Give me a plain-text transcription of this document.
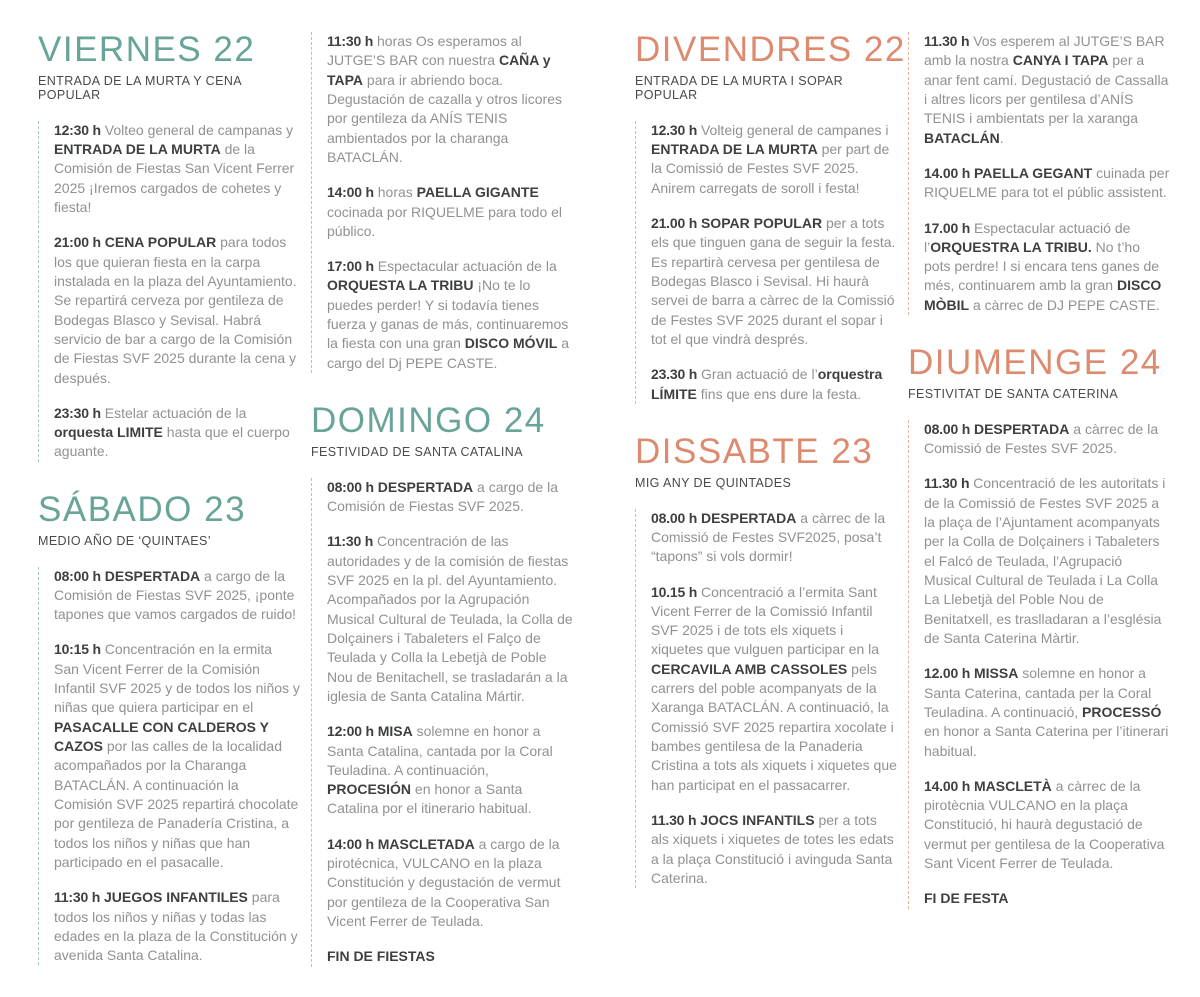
VIERNES 22
ENTRADA DE LA MURTA Y CENA POPULAR

12:30 h Volteo general de campanas y ENTRADA DE LA MURTA de la Comisión de Fiestas San Vicent Ferrer 2025 ¡Iremos cargados de cohetes y fiesta!

21:00 h CENA POPULAR para todos los que quieran fiesta en la carpa instalada en la plaza del Ayuntamiento. Se repartirá cerveza por gentileza de Bodegas Blasco y Sevisal. Habrá servicio de bar a cargo de la Comisión de Fiestas SVF 2025 durante la cena y después.

23:30 h Estelar actuación de la orquesta LIMITE hasta que el cuerpo aguante.

SÁBADO 23
MEDIO AÑO DE ‘QUINTAES’

08:00 h DESPERTADA a cargo de la Comisión de Fiestas SVF 2025, ¡ponte tapones que vamos cargados de ruido!

10:15 h Concentración en la ermita San Vicent Ferrer de la Comisión Infantil SVF 2025 y de todos los niños y niñas que quiera participar en el PASACALLE CON CALDEROS Y CAZOS por las calles de la localidad acompañados por la Charanga BATACLÁN. A continuación la Comisión SVF 2025 repartirá chocolate por gentileza de Panadería Cristina, a todos los niños y niñas que han participado en el pasacalle.

11:30 h JUEGOS INFANTILES para todos los niños y niñas y todas las edades en la plaza de la Constitución y avenida Santa Catalina.

11:30 h horas Os esperamos al JUTGE’S BAR con nuestra CAÑA y TAPA para ir abriendo boca. Degustación de cazalla y otros licores por gentileza da ANÍS TENIS ambientados por la charanga BATACLÁN.

14:00 h horas PAELLA GIGANTE cocinada por RIQUELME para todo el público.

17:00 h Espectacular actuación de la ORQUESTA LA TRIBU ¡No te lo puedes perder! Y si todavía tienes fuerza y ganas de más, continuaremos la fiesta con una gran DISCO MÓVIL a cargo del Dj PEPE CASTE.

DOMINGO 24
FESTIVIDAD DE SANTA CATALINA

08:00 h DESPERTADA a cargo de la Comisión de Fiestas SVF 2025.

11:30 h Concentración de las autoridades y de la comisión de fiestas SVF 2025 en la pl. del Ayuntamiento. Acompañados por la Agrupación Musical Cultural de Teulada, la Colla de Dolçainers i Tabaleters el Falço de Teulada y Colla la Lebetjà de Poble Nou de Benitachell, se trasladarán a la iglesia de Santa Catalina Mártir.

12:00 h MISA solemne en honor a Santa Catalina, cantada por la Coral Teuladina. A continuación, PROCESIÓN en honor a Santa Catalina por el itinerario habitual.

14:00 h MASCLETADA a cargo de la pirotécnica, VULCANO en la plaza Constitución y degustación de vermut por gentileza de la Cooperativa San Vicent Ferrer de Teulada.

FIN DE FIESTAS

DIVENDRES 22
ENTRADA DE LA MURTA I SOPAR POPULAR

12.30 h Volteig general de campanes i ENTRADA DE LA MURTA per part de la Comissió de Festes SVF 2025. Anirem carregats de soroll i festa!

21.00 h SOPAR POPULAR per a tots els que tinguen gana de seguir la festa. Es repartirà cervesa per gentilesa de Bodegas Blasco i Sevisal. Hi haurà servei de barra a càrrec de la Comissió de Festes SVF 2025 durant el sopar i tot el que vindrà després.

23.30 h Gran actuació de l’orquestra LÍMITE fins que ens dure la festa.

DISSABTE 23
MIG ANY DE QUINTADES

08.00 h DESPERTADA a càrrec de la Comissió de Festes SVF2025, posa’t “tapons” si vols dormir!

10.15 h Concentració a l’ermita Sant Vicent Ferrer de la Comissió Infantil SVF 2025 i de tots els xiquets i xiquetes que vulguen participar en la CERCAVILA AMB CASSOLES pels carrers del poble acompanyats de la Xaranga BATACLÁN. A continuació, la Comissió SVF 2025 repartira xocolate i bambes gentilesa de la Panaderia Cristina a tots als xiquets i xiquetes que han participat en el passacarrer.

11.30 h JOCS INFANTILS per a tots als xiquets i xiquetes de totes les edats a la plaça Constitució i avinguda Santa Caterina.

11.30 h Vos esperem al JUTGE’S BAR amb la nostra CANYA I TAPA per a anar fent camí. Degustació de Cassalla i altres licors per gentilesa d’ANÍS TENIS i ambientats per la xaranga BATACLÁN.

14.00 h PAELLA GEGANT cuinada per RIQUELME para tot el públic assistent.

17.00 h Espectacular actuació de l’ORQUESTRA LA TRIBU. No t’ho pots perdre! I si encara tens ganes de més, continuarem amb la gran DISCO MÒBIL a càrrec de DJ PEPE CASTE.

DIUMENGE 24
FESTIVITAT DE SANTA CATERINA

08.00 h DESPERTADA a càrrec de la Comissió de Festes SVF 2025.

11.30 h Concentració de les autoritats i de la Comissió de Festes SVF 2025 a la plaça de l’Ajuntament acompanyats per la Colla de Dolçainers i Tabaleters el Falcó de Teulada, l’Agrupació Musical Cultural de Teulada i La Colla La Llebetjà del Poble Nou de Benitatxell, es traslladaran a l’església de Santa Caterina Màrtir.

12.00 h MISSA solemne en honor a Santa Caterina, cantada per la Coral Teuladina. A continuació, PROCESSÓ en honor a Santa Caterina per l’itinerari habitual.

14.00 h MASCLETÀ a càrrec de la pirotècnia VULCANO en la plaça Constitució, hi haurà degustació de vermut per gentilesa de la Cooperativa Sant Vicent Ferrer de Teulada.

FI DE FESTA
